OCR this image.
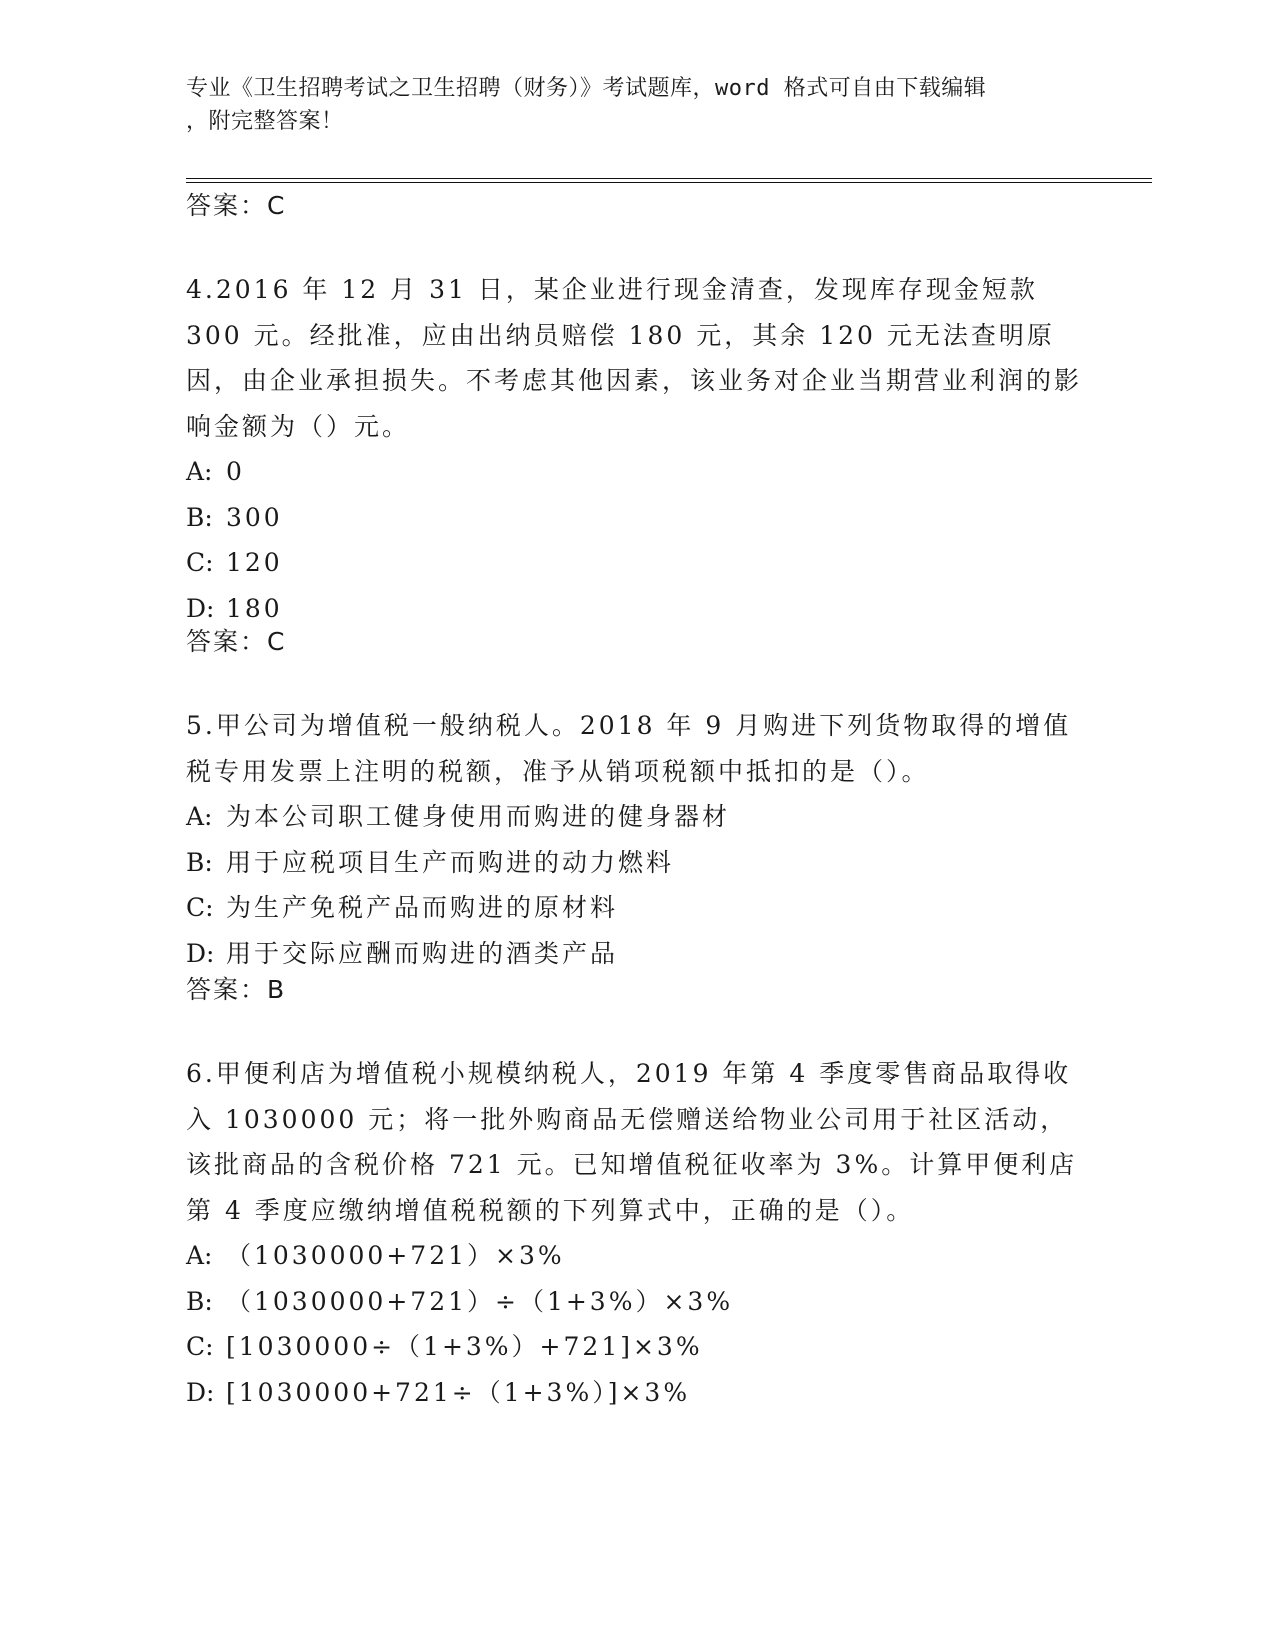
专业《卫生招聘考试之卫生招聘（财务）》考试题库，word 格式可自由下载编辑
，附完整答案！
答案：C

4.2016 年 12 月 31 日，某企业进行现金清查，发现库存现金短款 300 元。经批准，应由出纳员赔偿 180 元，其余 120 元无法查明原因，由企业承担损失。不考虑其他因素，该业务对企业当期营业利润的影响金额为（）元。

A: 0

B: 300

C: 120

D: 180

答案：C

5.甲公司为增值税一般纳税人。2018 年 9 月购进下列货物取得的增值税专用发票上注明的税额，准予从销项税额中抵扣的是（）。

A: 为本公司职工健身使用而购进的健身器材

B: 用于应税项目生产而购进的动力燃料

C: 为生产免税产品而购进的原材料

D: 用于交际应酬而购进的酒类产品

答案：B

6.甲便利店为增值税小规模纳税人，2019 年第 4 季度零售商品取得收入 1030000 元；将一批外购商品无偿赠送给物业公司用于社区活动，该批商品的含税价格 721 元。已知增值税征收率为 3%。计算甲便利店第 4 季度应缴纳增值税税额的下列算式中，正确的是（）。

A: （1030000+721）×3%

B: （1030000+721）÷（1+3%）×3%

C: [1030000÷（1+3%）+721]×3%

D: [1030000+721÷（1+3%）]×3%
